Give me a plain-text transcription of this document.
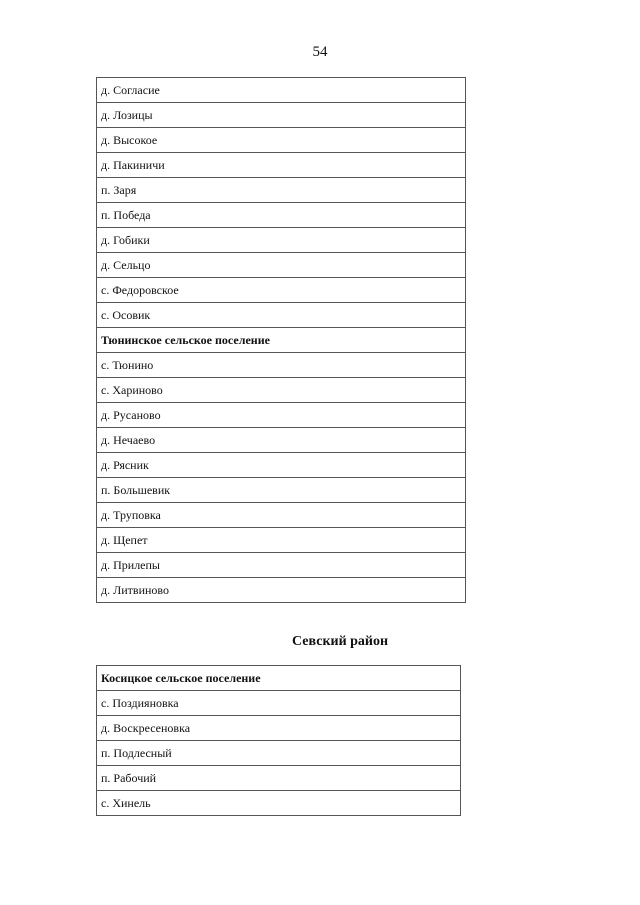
54
д. Согласие
д. Лозицы
д. Высокое
д. Пакиничи
п. Заря
п. Победа
д. Гобики
д. Сельцо
с. Федоровское
с. Осовик
Тюнинское сельское поселение
с. Тюнино
с. Хариново
д. Русаново
д. Нечаево
д. Рясник
п. Большевик
д. Труповка
д. Щепет
д. Прилепы
д. Литвиново
Севский район
Косицкое сельское поселение
с. Поздияновка
д. Воскресеновка
п. Подлесный
п. Рабочий
с. Хинель
